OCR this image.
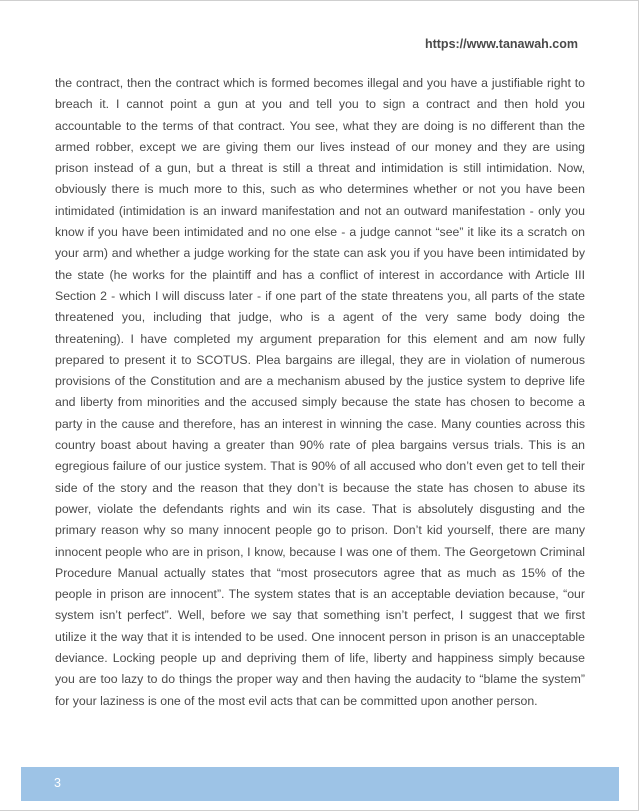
https://www.tanawah.com

the contract, then the contract which is formed becomes illegal and you have a justifiable right to breach it. I cannot point a gun at you and tell you to sign a contract and then hold you accountable to the terms of that contract. You see, what they are doing is no different than the armed robber, except we are giving them our lives instead of our money and they are using prison instead of a gun, but a threat is still a threat and intimidation is still intimidation. Now, obviously there is much more to this, such as who determines whether or not you have been intimidated (intimidation is an inward manifestation and not an outward manifestation - only you know if you have been intimidated and no one else - a judge cannot “see” it like its a scratch on your arm) and whether a judge working for the state can ask you if you have been intimidated by the state (he works for the plaintiff and has a conflict of interest in accordance with Article III Section 2 - which I will discuss later - if one part of the state threatens you, all parts of the state threatened you, including that judge, who is a agent of the very same body doing the threatening). I have completed my argument preparation for this element and am now fully prepared to present it to SCOTUS. Plea bargains are illegal, they are in violation of numerous provisions of the Constitution and are a mechanism abused by the justice system to deprive life and liberty from minorities and the accused simply because the state has chosen to become a party in the cause and therefore, has an interest in winning the case. Many counties across this country boast about having a greater than 90% rate of plea bargains versus trials. This is an egregious failure of our justice system. That is 90% of all accused who don’t even get to tell their side of the story and the reason that they don’t is because the state has chosen to abuse its power, violate the defendants rights and win its case. That is absolutely disgusting and the primary reason why so many innocent people go to prison. Don’t kid yourself, there are many innocent people who are in prison, I know, because I was one of them. The Georgetown Criminal Procedure Manual actually states that “most prosecutors agree that as much as 15% of the people in prison are innocent”. The system states that is an acceptable deviation because, “our system isn’t perfect”. Well, before we say that something isn’t perfect, I suggest that we first utilize it the way that it is intended to be used. One innocent person in prison is an unacceptable deviance. Locking people up and depriving them of life, liberty and happiness simply because you are too lazy to do things the proper way and then having the audacity to “blame the system” for your laziness is one of the most evil acts that can be committed upon another person.

3
